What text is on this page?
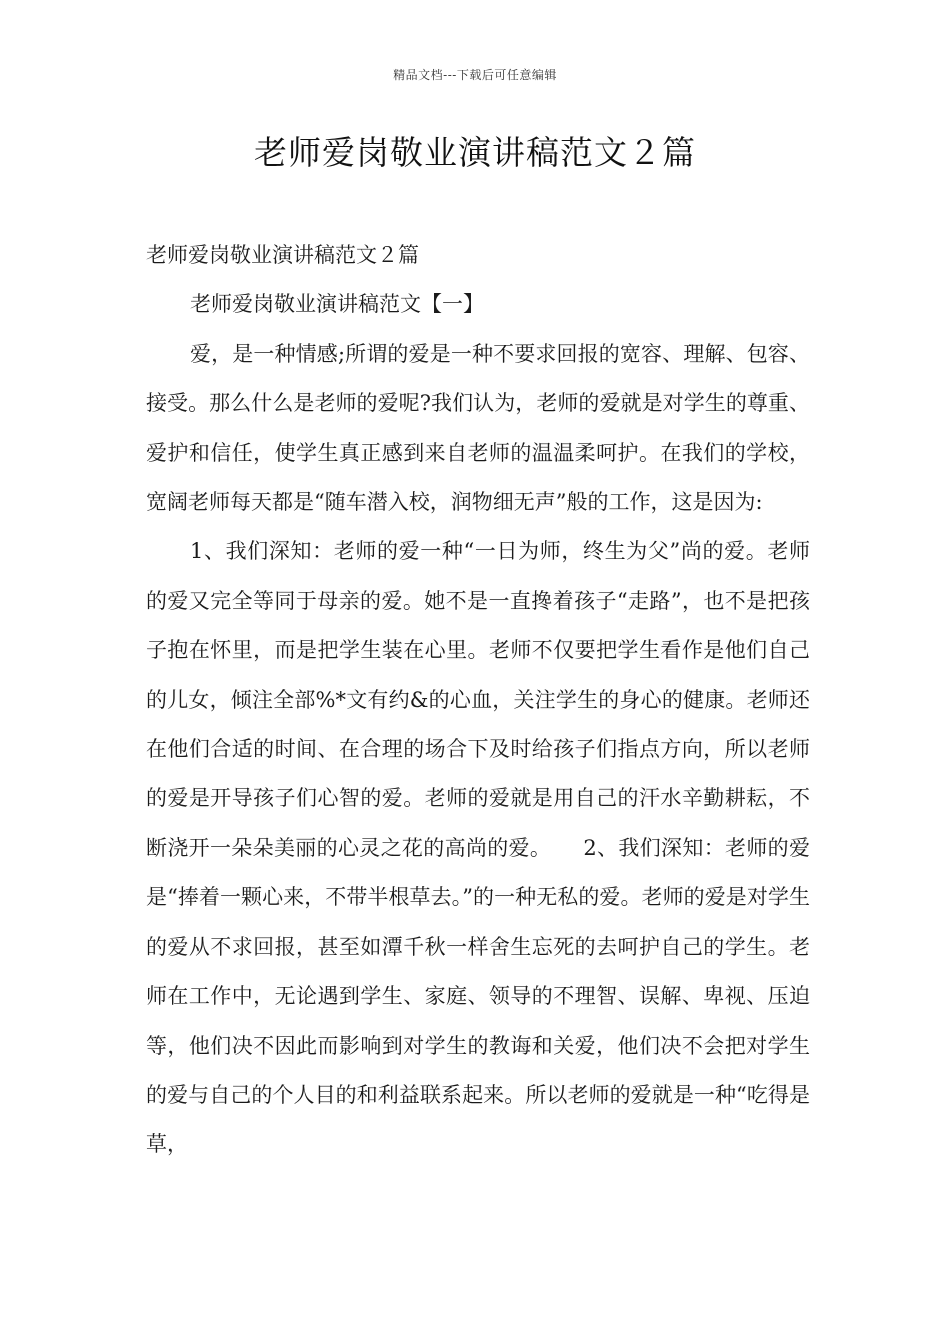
精品文档---下载后可任意编辑
老师爱岗敬业演讲稿范文２篇

老师爱岗敬业演讲稿范文２篇

老师爱岗敬业演讲稿范文【一】

爱，是一种情感;所谓的爱是一种不要求回报的宽容、理解、包容、接受。那么什么是老师的爱呢?我们认为，老师的爱就是对学生的尊重、爱护和信任，使学生真正感到来自老师的温温柔呵护。在我们的学校，宽阔老师每天都是“随车潜入校，润物细无声”般的工作，这是因为:

1、我们深知：老师的爱一种“一日为师，终生为父”尚的爱。老师的爱又完全等同于母亲的爱。她不是一直搀着孩子“走路”，也不是把孩子抱在怀里，而是把学生装在心里。老师不仅要把学生看作是他们自己的儿女，倾注全部%*文有约&的心血，关注学生的身心的健康。老师还在他们合适的时间、在合理的场合下及时给孩子们指点方向，所以老师的爱是开导孩子们心智的爱。老师的爱就是用自己的汗水辛勤耕耘，不断浇开一朵朵美丽的心灵之花的高尚的爱。　　2、我们深知：老师的爱是“捧着一颗心来，不带半根草去。”的一种无私的爱。老师的爱是对学生的爱从不求回报，甚至如潭千秋一样舍生忘死的去呵护自己的学生。老师在工作中，无论遇到学生、家庭、领导的不理智、误解、卑视、压迫等，他们决不因此而影响到对学生的教诲和关爱，他们决不会把对学生的爱与自己的个人目的和利益联系起来。所以老师的爱就是一种“吃得是草，
